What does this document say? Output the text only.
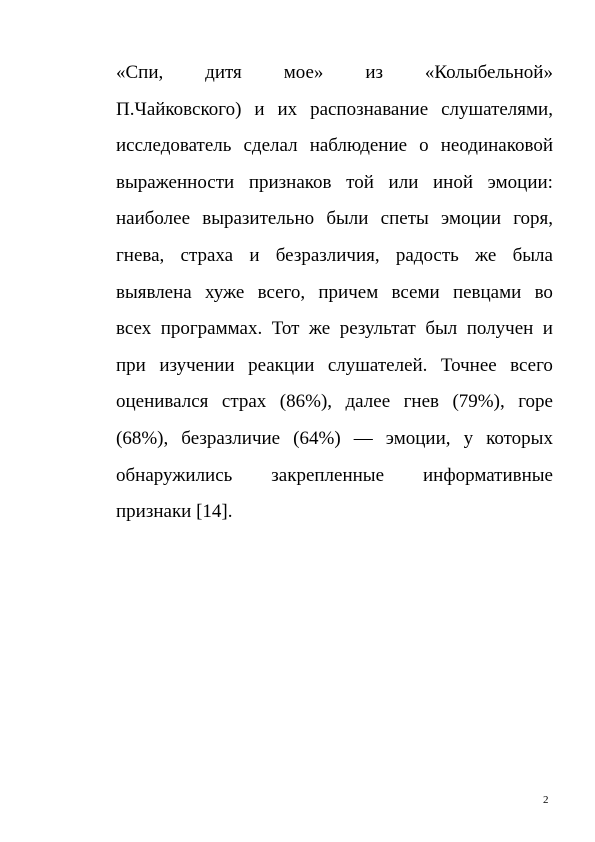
«Спи, дитя мое» из «Колыбельной»
П.Чайковского) и их распознавание слушателями,
исследователь сделал наблюдение о неодинаковой
выраженности признаков той или иной эмоции:
наиболее выразительно были спеты эмоции горя,
гнева, страха и безразличия, радость же была
выявлена хуже всего, причем всеми певцами во
всех программах. Тот же результат был получен и
при изучении реакции слушателей. Точнее всего
оценивался страх (86%), далее гнев (79%), горе
(68%), безразличие (64%) — эмоции, у которых
обнаружились закрепленные информативные
признаки [14].
2
